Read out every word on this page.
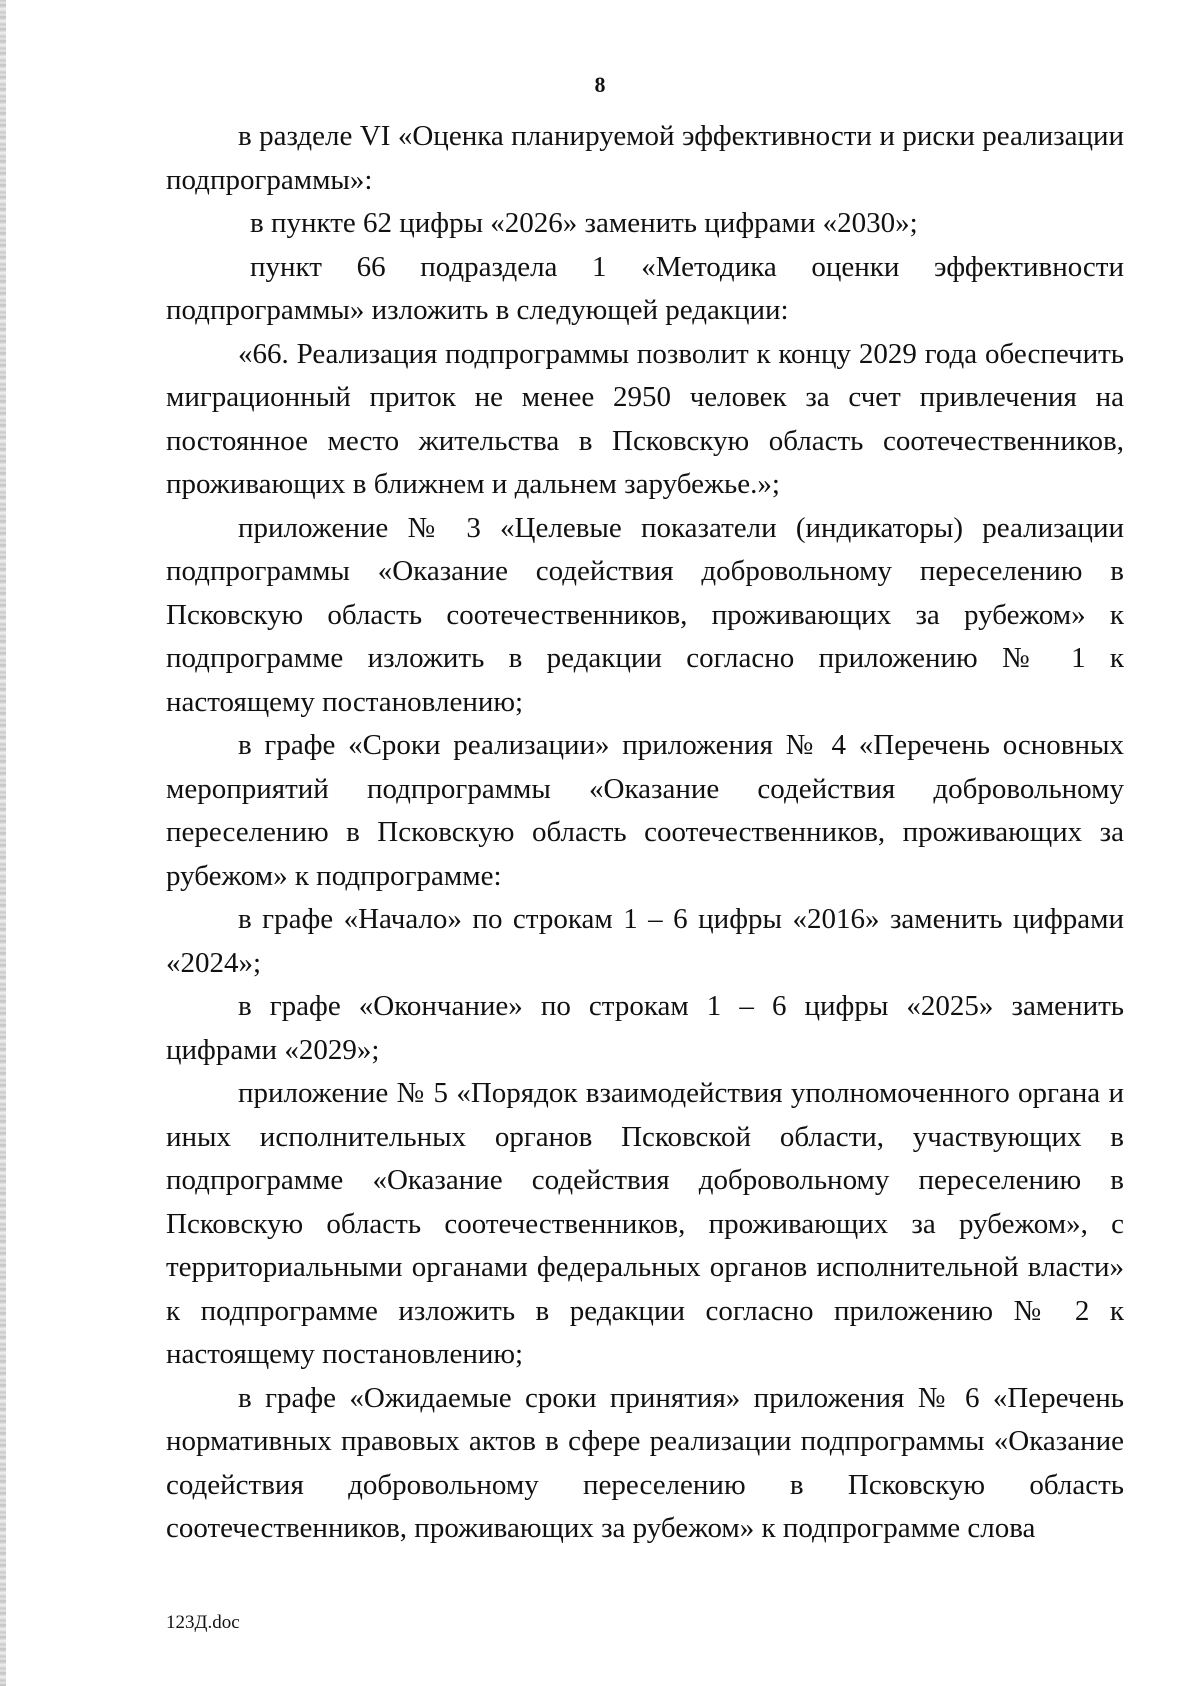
8

в разделе VI «Оценка планируемой эффективности и риски реализации подпрограммы»:

в пункте 62 цифры «2026» заменить цифрами «2030»;

пункт 66 подраздела 1 «Методика оценки эффективности подпрограммы» изложить в следующей редакции:

«66. Реализация подпрограммы позволит к концу 2029 года обеспечить миграционный приток не менее 2950 человек за счет привлечения на постоянное место жительства в Псковскую область соотечественников, проживающих в ближнем и дальнем зарубежье.»;

приложение № 3 «Целевые показатели (индикаторы) реализации подпрограммы «Оказание содействия добровольному переселению в Псковскую область соотечественников, проживающих за рубежом» к подпрограмме изложить в редакции согласно приложению № 1 к настоящему постановлению;

в графе «Сроки реализации» приложения № 4 «Перечень основных мероприятий подпрограммы «Оказание содействия добровольному переселению в Псковскую область соотечественников, проживающих за рубежом» к подпрограмме:

в графе «Начало» по строкам 1 – 6 цифры «2016» заменить цифрами «2024»;

в графе «Окончание» по строкам 1 – 6 цифры «2025» заменить цифрами «2029»;

приложение № 5 «Порядок взаимодействия уполномоченного органа и иных исполнительных органов Псковской области, участвующих в подпрограмме «Оказание содействия добровольному переселению в Псковскую область соотечественников, проживающих за рубежом», с территориальными органами федеральных органов исполнительной власти» к подпрограмме изложить в редакции согласно приложению № 2 к настоящему постановлению;

в графе «Ожидаемые сроки принятия» приложения № 6 «Перечень нормативных правовых актов в сфере реализации подпрограммы «Оказание содействия добровольному переселению в Псковскую область соотечественников, проживающих за рубежом» к подпрограмме слова

123Д.doc
